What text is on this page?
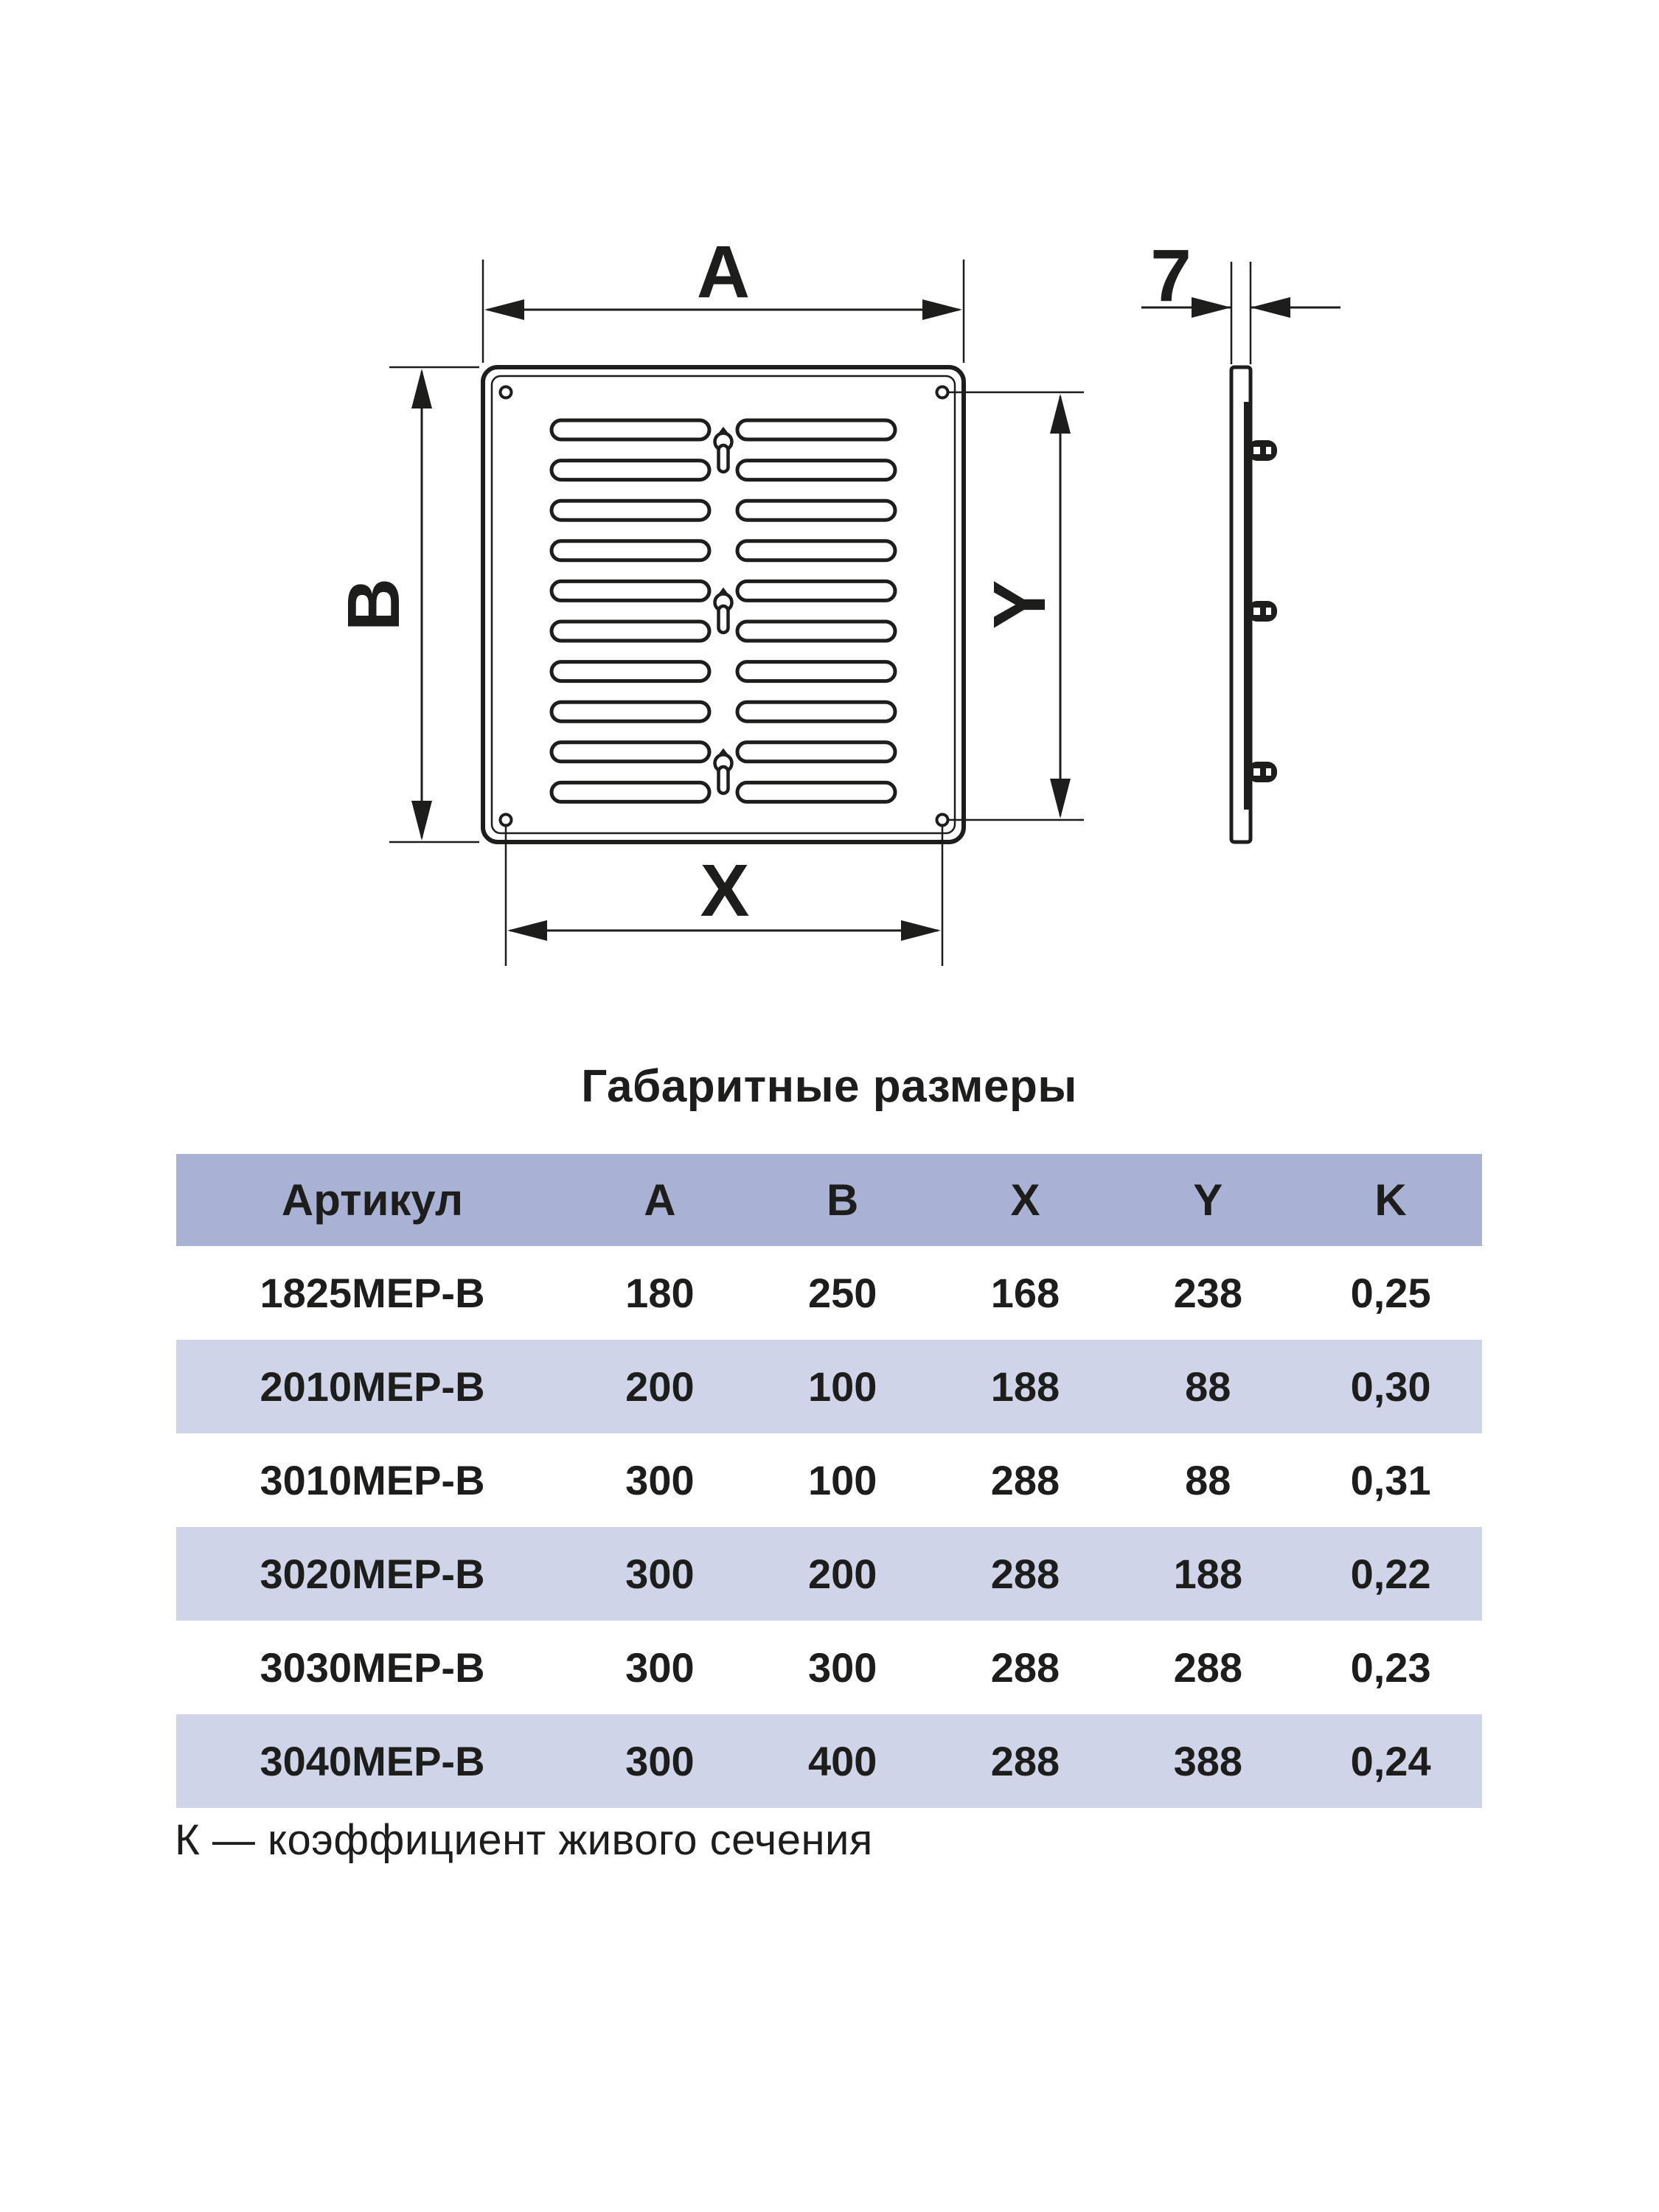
A
B
X
Y
7
Габаритные размеры
Артикул	A	B	X	Y	K
1825МЕР-В	180	250	168	238	0,25
2010МЕР-В	200	100	188	88	0,30
3010МЕР-В	300	100	288	88	0,31
3020МЕР-В	300	200	288	188	0,22
3030МЕР-В	300	300	288	288	0,23
3040МЕР-В	300	400	288	388	0,24
К — коэффициент живого сечения
